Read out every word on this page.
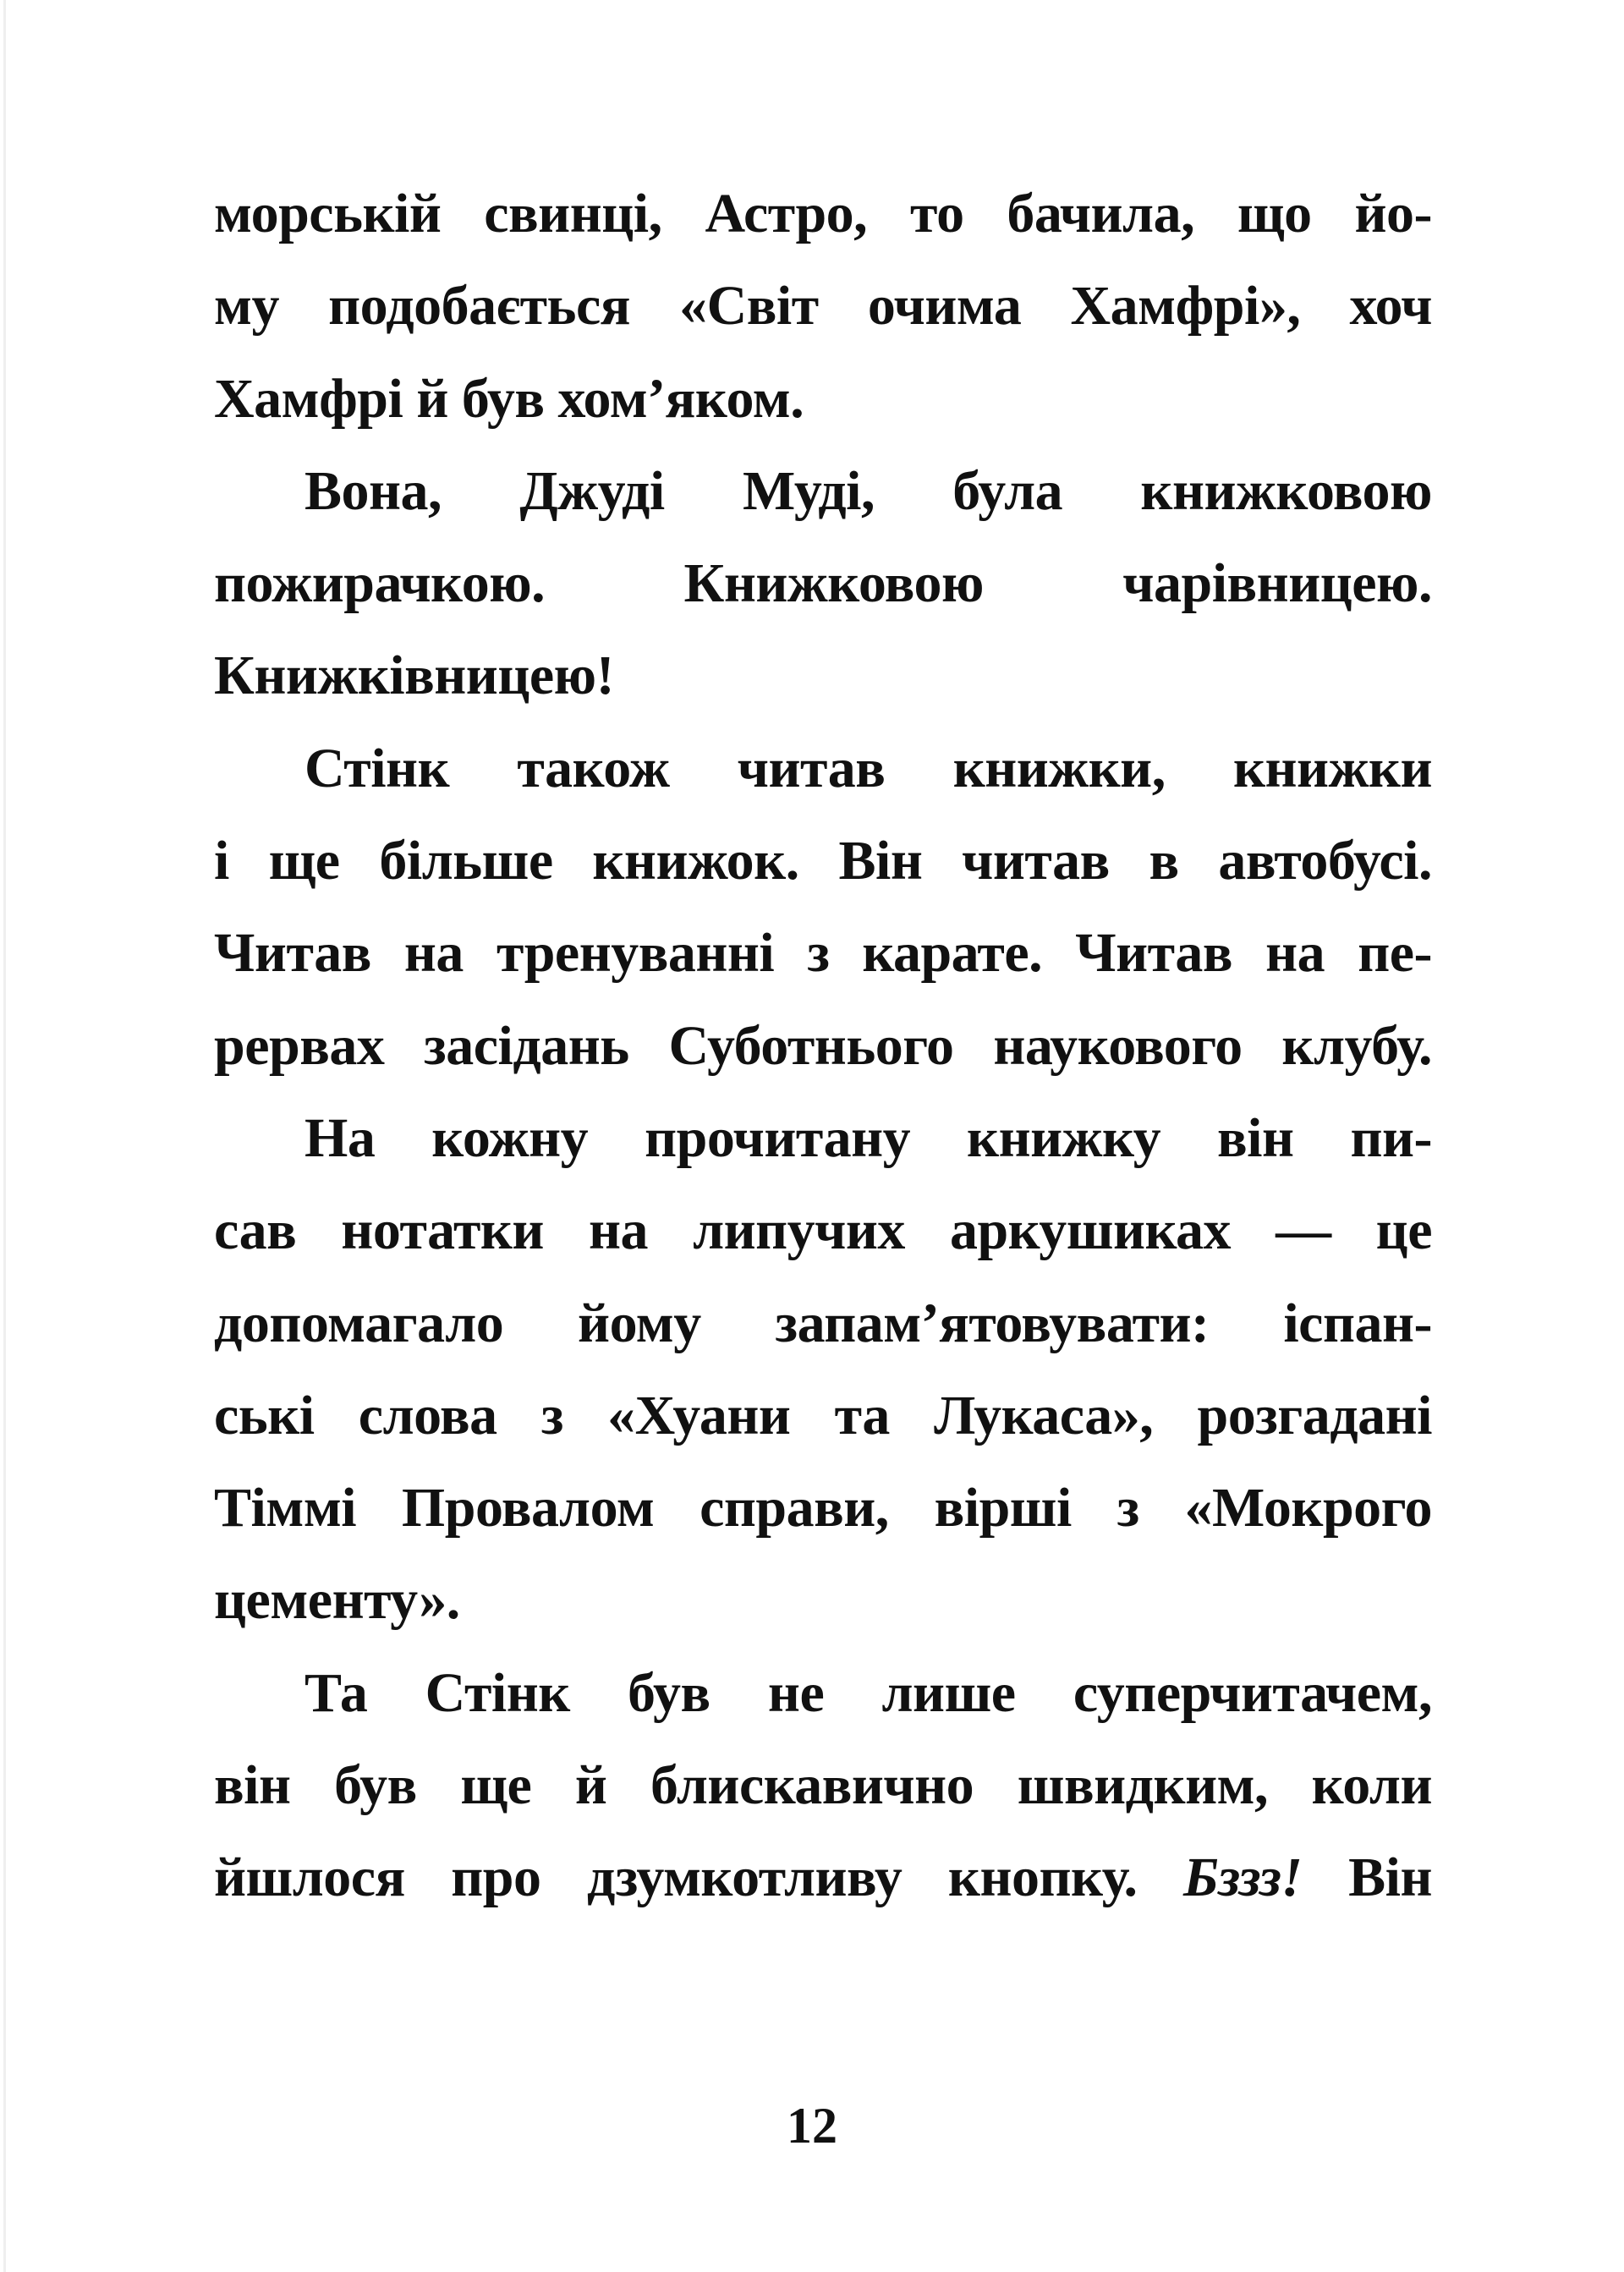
морській свинці, Астро, то бачила, що йо-
му подобається «Світ очима Хамфрі», хоч
Хамфрі й був хом’яком.
Вона, Джуді Муді, була книжковою
пожирачкою. Книжковою чарівницею.
Книжківницею!
Стінк також читав книжки, книжки
і ще більше книжок. Він читав в автобусі.
Читав на тренуванні з карате. Читав на пе-
рервах засідань Суботнього наукового клубу.
На кожну прочитану книжку він пи-
сав нотатки на липучих аркушиках — це
допомагало йому запам’ятовувати: іспан-
ські слова з «Хуани та Лукаса», розгадані
Тіммі Провалом справи, вірші з «Мокрого
цементу».
Та Стінк був не лише суперчитачем,
він був ще й блискавично швидким, коли
йшлося про дзумкотливу кнопку. Бззз! Він
12
